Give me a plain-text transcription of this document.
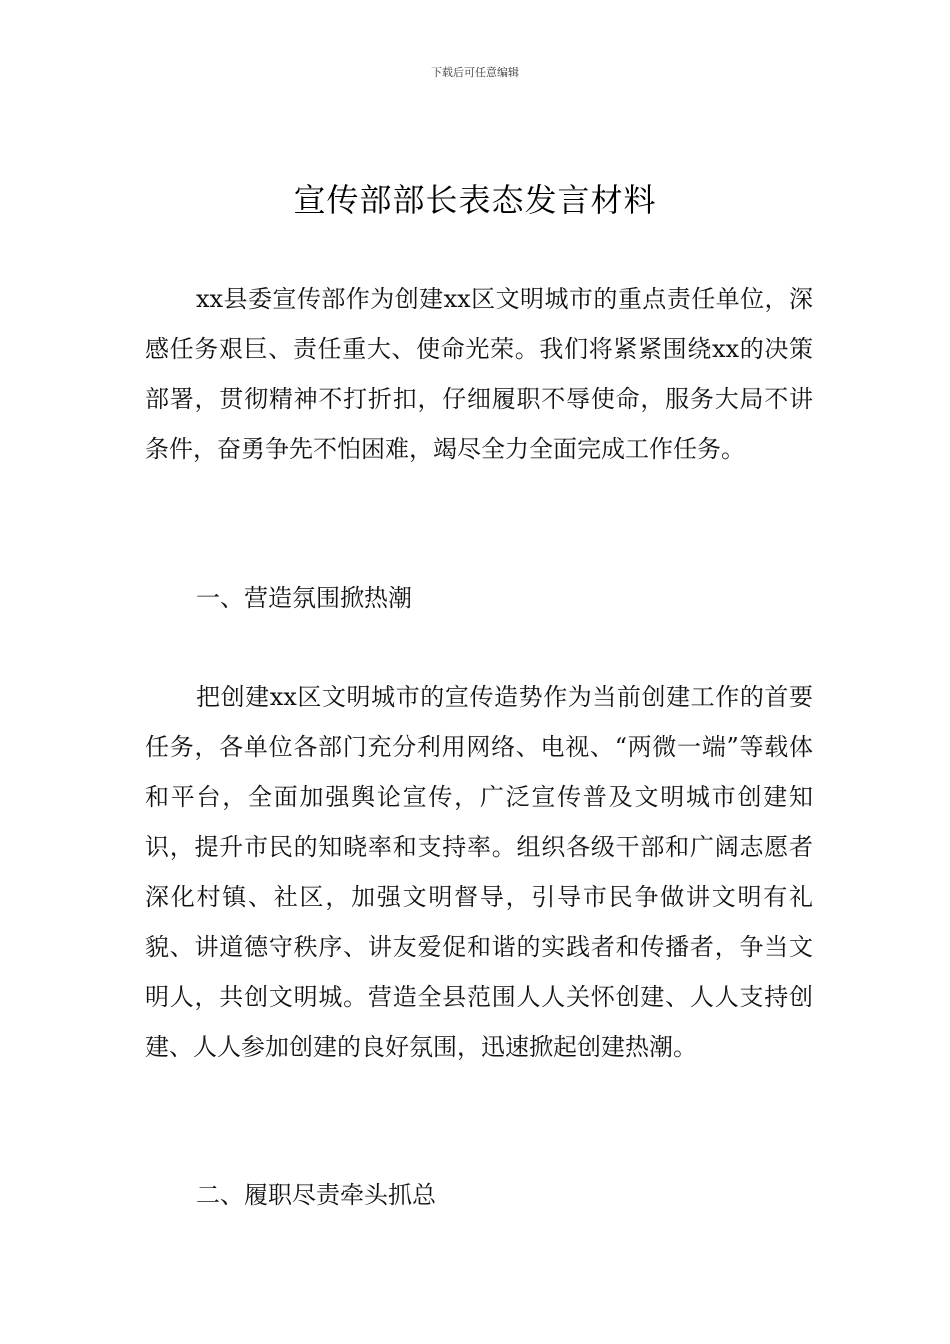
下载后可任意编辑
宣传部部长表态发言材料

xx县委宣传部作为创建xx区文明城市的重点责任单位，深感任务艰巨、责任重大、使命光荣。我们将紧紧围绕xx的决策部署，贯彻精神不打折扣，仔细履职不辱使命，服务大局不讲条件，奋勇争先不怕困难，竭尽全力全面完成工作任务。

一、营造氛围掀热潮

把创建xx区文明城市的宣传造势作为当前创建工作的首要任务，各单位各部门充分利用网络、电视、“两微一端”等载体和平台，全面加强舆论宣传，广泛宣传普及文明城市创建知识，提升市民的知晓率和支持率。组织各级干部和广阔志愿者深化村镇、社区，加强文明督导，引导市民争做讲文明有礼貌、讲道德守秩序、讲友爱促和谐的实践者和传播者，争当文明人，共创文明城。营造全县范围人人关怀创建、人人支持创建、人人参加创建的良好氛围，迅速掀起创建热潮。

二、履职尽责牵头抓总
